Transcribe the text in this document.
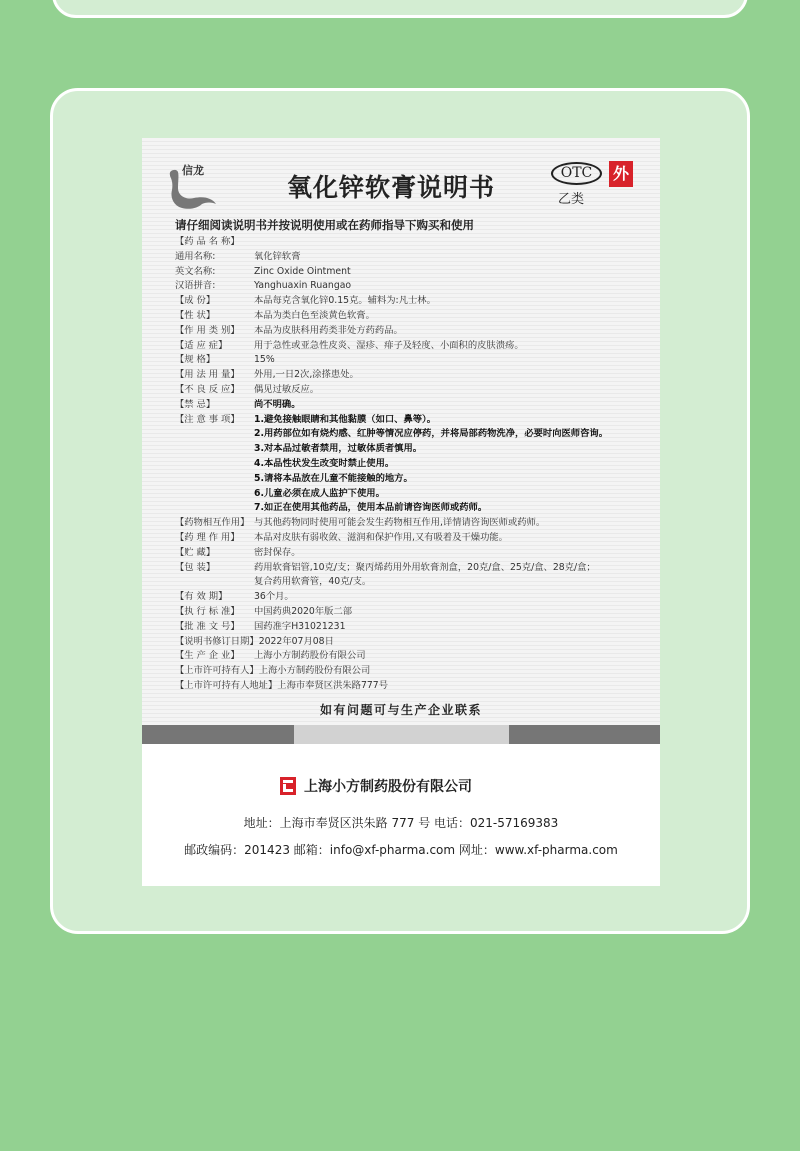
信龙
氧化锌软膏说明书	OTC
乙类
外
请仔细阅读说明书并按说明使用或在药师指导下购买和使用
【药 品 名 称】
通用名称:	氧化锌软膏
英文名称:	Zinc Oxide Ointment
汉语拼音:	Yanghuaxin Ruangao
【成 份】	本品每克含氧化锌0.15克。辅料为:凡士林。
【性 状】	本品为类白色至淡黄色软膏。
【作 用 类 别】	本品为皮肤科用药类非处方药药品。
【适 应 症】	用于急性或亚急性皮炎、湿疹、痱子及轻度、小面积的皮肤溃疡。
【规 格】	15%
【用 法 用 量】	外用,一日2次,涂搽患处。
【不 良 反 应】	偶见过敏反应。
【禁 忌】	尚不明确。
【注 意 事 项】	1.避免接触眼睛和其他黏膜（如口、鼻等）。
2.用药部位如有烧灼感、红肿等情况应停药，并将局部药物洗净，必要时向医师咨询。
3.对本品过敏者禁用，过敏体质者慎用。
4.本品性状发生改变时禁止使用。
5.请将本品放在儿童不能接触的地方。
6.儿童必须在成人监护下使用。
7.如正在使用其他药品，使用本品前请咨询医师或药师。
【药物相互作用】 与其他药物同时使用可能会发生药物相互作用,详情请咨询医师或药师。
【药 理 作 用】	本品对皮肤有弱收敛、滋润和保护作用,又有吸着及干燥功能。
【贮 藏】	密封保存。
【包 装】	药用软膏铝管,10克/支；聚丙烯药用外用软膏剂盒，20克/盒、25克/盒、28克/盒；
复合药用软膏管，40克/支。
【有 效 期】	36个月。
【执 行 标 准】	中国药典2020年版二部
【批 准 文 号】	国药准字H31021231
【说明书修订日期】 2022年07月08日
【生 产 企 业】	上海小方制药股份有限公司
【上市许可持有人】 上海小方制药股份有限公司
【上市许可持有人地址】 上海市奉贤区洪朱路777号
如有问题可与生产企业联系
上海小方制药股份有限公司
地址：上海市奉贤区洪朱路 777 号 电话：021-57169383
邮政编码：201423 邮箱：info@xf-pharma.com 网址：www.xf-pharma.com
